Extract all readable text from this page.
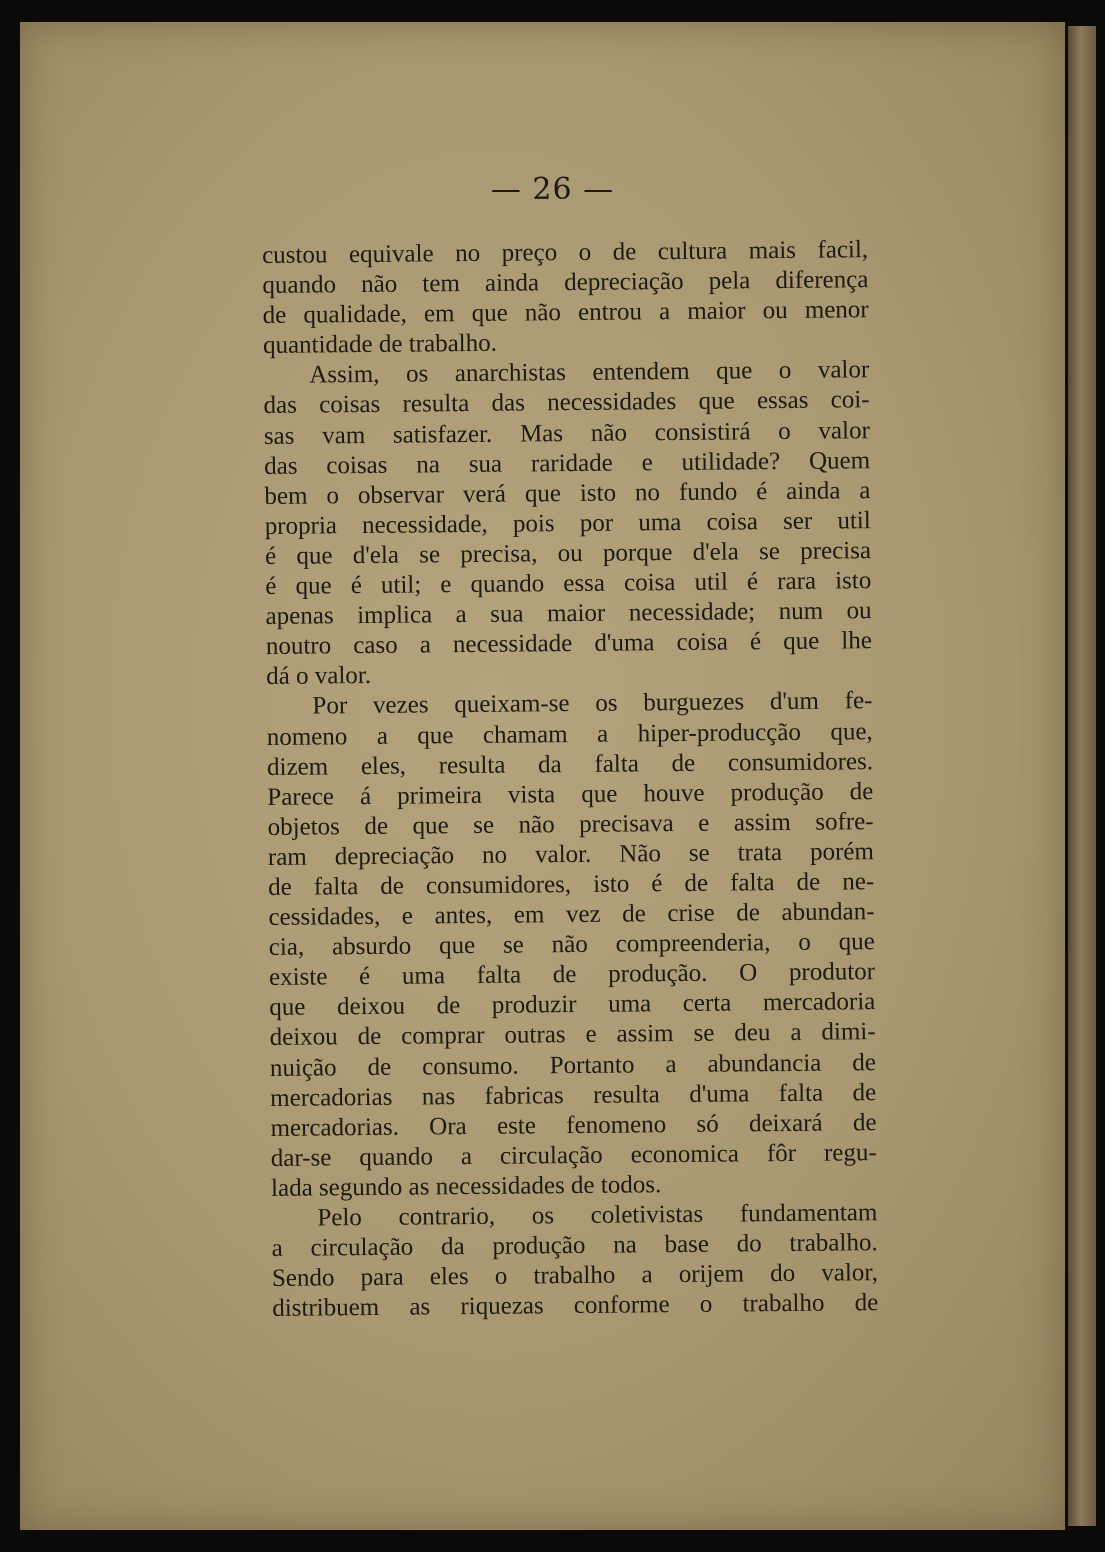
— 26 —
custou equivale no preço o de cultura mais facil,
quando não tem ainda depreciação pela diferença
de qualidade, em que não entrou a maior ou menor
quantidade de trabalho.
Assim, os anarchistas entendem que o valor
das coisas resulta das necessidades que essas coi-
sas vam satisfazer. Mas não consistirá o valor
das coisas na sua raridade e utilidade? Quem
bem o observar verá que isto no fundo é ainda a
propria necessidade, pois por uma coisa ser util
é que d'ela se precisa, ou porque d'ela se precisa
é que é util; e quando essa coisa util é rara isto
apenas implica a sua maior necessidade; num ou
noutro caso a necessidade d'uma coisa é que lhe
dá o valor.
Por vezes queixam-se os burguezes d'um fe-
nomeno a que chamam a hiper-producção que,
dizem eles, resulta da falta de consumidores.
Parece á primeira vista que houve produção de
objetos de que se não precisava e assim sofre-
ram depreciação no valor. Não se trata porém
de falta de consumidores, isto é de falta de ne-
cessidades, e antes, em vez de crise de abundan-
cia, absurdo que se não compreenderia, o que
existe é uma falta de produção. O produtor
que deixou de produzir uma certa mercadoria
deixou de comprar outras e assim se deu a dimi-
nuição de consumo. Portanto a abundancia de
mercadorias nas fabricas resulta d'uma falta de
mercadorias. Ora este fenomeno só deixará de
dar-se quando a circulação economica fôr regu-
lada segundo as necessidades de todos.
Pelo contrario, os coletivistas fundamentam
a circulação da produção na base do trabalho.
Sendo para eles o trabalho a orijem do valor,
distribuem as riquezas conforme o trabalho de
